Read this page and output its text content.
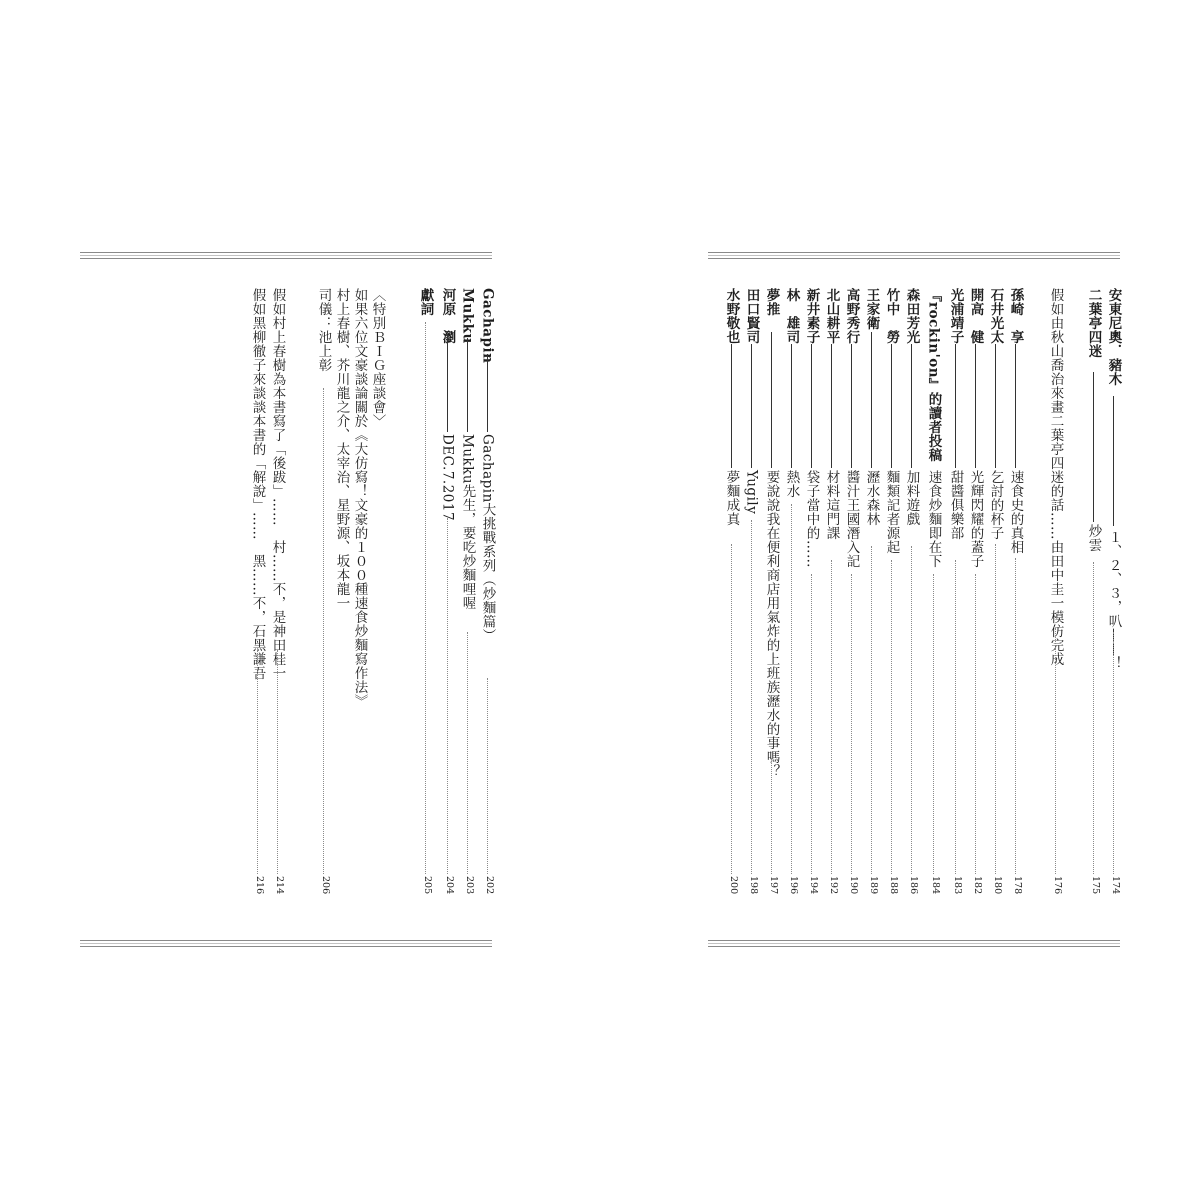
Gachapin
Gachapin大挑戰系列（炒麵篇）
202
Mukku
Mukku先生，要吃炒麵哩喔
203
河原　瀏
DEC.7.2017
204
獻詞
205
〈特別ＢＩＧ座談會〉
如果六位文豪談論關於《大仿寫！文豪的１００種速食炒麵寫作法》
村上春樹、芥川龍之介、太宰治、星野源、坂本龍一
司儀：池上彰
206
假如村上春樹為本書寫了「後跋」……　村……不，是神田桂一
214
假如黑柳徹子來談談本書的「解說」……　黑……不，石黑謙吾
216
安東尼奧．豬木
１、２、３，叭——！
174
二葉亭四迷
炒雲
175
假如由秋山喬治來畫二葉亭四迷的話……由田中圭一模仿完成
176
孫崎　享
速食史的真相
178
石井光太
乞討的杯子
180
開高　健
光輝閃耀的蓋子
182
光浦靖子
甜醬俱樂部
183
『rockin'on』的讀者投稿
速食炒麵即在下
184
森田芳光
加料遊戲
186
竹中　勞
麵類記者源起
188
王家衛
瀝水森林
189
高野秀行
醬汁王國潛入記
190
北山耕平
材料這門課
192
新井素子
袋子當中的……
194
林　雄司
熱水
196
夢推
要說說我在便利商店用氣炸的上班族瀝水的事嗎？
197
田口賢司
Yugily
198
水野敬也
夢麵成真
200
